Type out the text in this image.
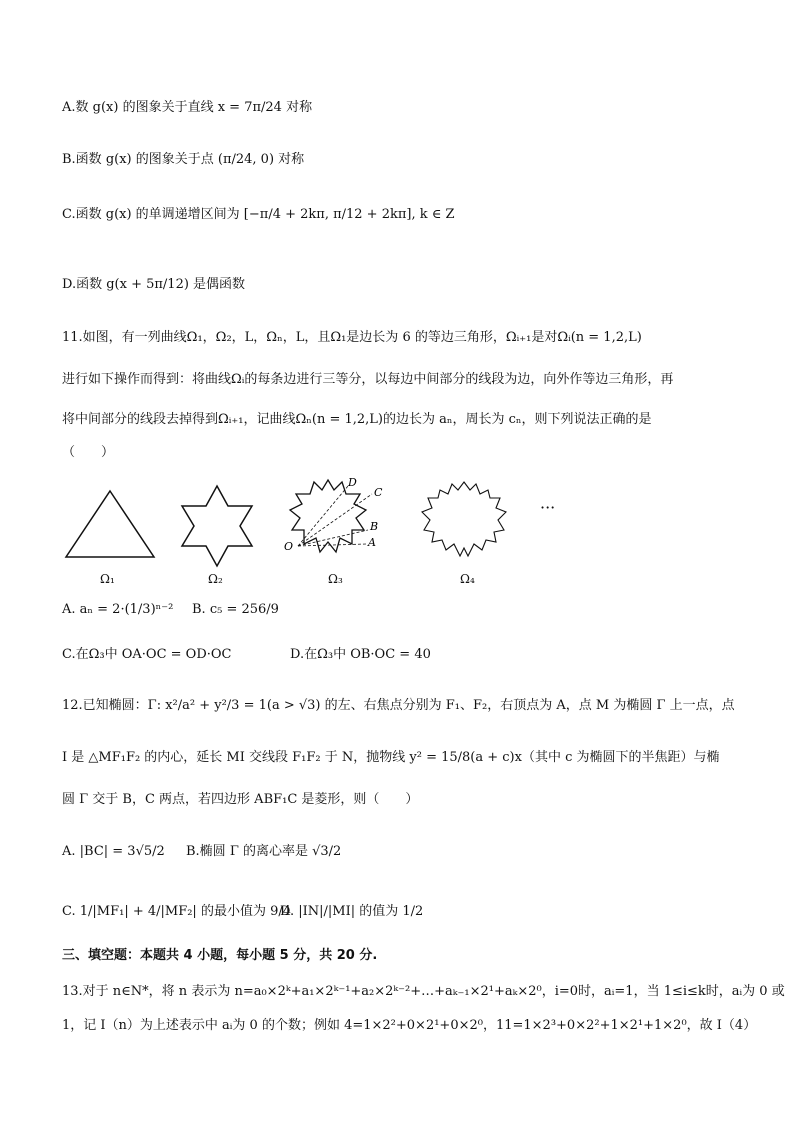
A.数 g(x) 的图象关于直线 x = 7π/24 对称
B.函数 g(x) 的图象关于点 (π/24, 0) 对称
C.函数 g(x) 的单调递增区间为 [−π/4 + 2kπ, π/12 + 2kπ], k ∈ Z
D.函数 g(x + 5π/12) 是偶函数
11.如图，有一列曲线Ω₁，Ω₂，L，Ωₙ，L，且Ω₁是边长为 6 的等边三角形，Ωᵢ₊₁是对Ωᵢ(n = 1,2,L)
进行如下操作而得到：将曲线Ωᵢ的每条边进行三等分，以每边中间部分的线段为边，向外作等边三角形，再
将中间部分的线段去掉得到Ωᵢ₊₁，记曲线Ωₙ(n = 1,2,L)的边长为 aₙ，周长为 cₙ，则下列说法正确的是
（　　）
Ω₁	Ω₂
D
C
B
A
O
Ω₃	Ω₄
···
A. aₙ = 2·(1/3)ⁿ⁻² B. c₅ = 256/9
C.在Ω₃中 OA·OC = OD·OC	D.在Ω₃中 OB·OC = 40
12.已知椭圆：Γ: x²/a² + y²/3 = 1(a > √3) 的左、右焦点分别为 F₁、F₂，右顶点为 A，点 M 为椭圆 Γ 上一点，点
I 是 △MF₁F₂ 的内心，延长 MI 交线段 F₁F₂ 于 N，抛物线 y² = 15/8(a + c)x（其中 c 为椭圆下的半焦距）与椭
圆 Γ 交于 B，C 两点，若四边形 ABF₁C 是菱形，则（　　）
A. |BC| = 3√5/2 B.椭圆 Γ 的离心率是 √3/2
C. 1/|MF₁| + 4/|MF₂| 的最小值为 9/4
D. |IN|/|MI| 的值为 1/2
三、填空题：本题共 4 小题，每小题 5 分，共 20 分.
13.对于 n∈N*，将 n 表示为 n=a₀×2ᵏ+a₁×2ᵏ⁻¹+a₂×2ᵏ⁻²+…+aₖ₋₁×2¹+aₖ×2⁰，i=0时，aᵢ=1，当 1≤i≤k时，aᵢ为 0 或
1，记 I（n）为上述表示中 aᵢ为 0 的个数；例如 4=1×2²+0×2¹+0×2⁰，11=1×2³+0×2²+1×2¹+1×2⁰，故 I（4）
